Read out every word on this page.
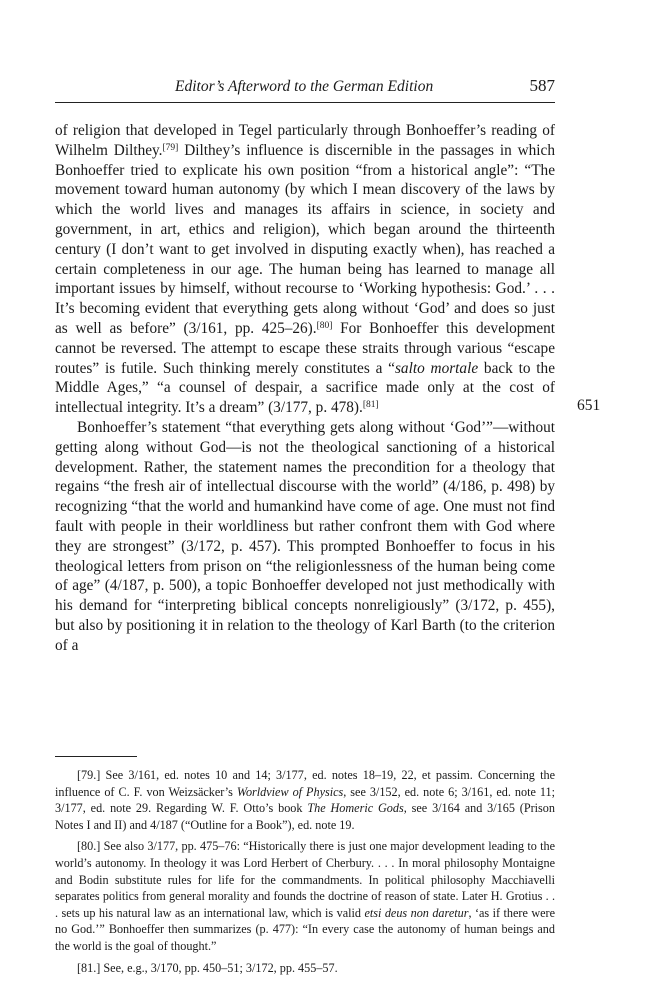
Editor’s Afterword to the German Edition	587

of religion that developed in Tegel particularly through Bonhoeffer’s reading of Wilhelm Dilthey.[79] Dilthey’s influence is discernible in the passages in which Bonhoeffer tried to explicate his own position “from a historical angle”: “The movement toward human autonomy (by which I mean discovery of the laws by which the world lives and manages its affairs in science, in society and government, in art, ethics and religion), which began around the thirteenth century (I don’t want to get involved in disputing exactly when), has reached a certain completeness in our age. The human being has learned to manage all important issues by himself, without recourse to ‘Working hypothesis: God.’ . . . It’s becoming evident that everything gets along without ‘God’ and does so just as well as before” (3/161, pp. 425–26).[80] For Bonhoeffer this development cannot be reversed. The attempt to escape these straits through various “escape routes” is futile. Such thinking merely constitutes a “salto mortale back to the Middle Ages,” “a counsel of despair, a sacrifice made only at the cost of intellectual integrity. It’s a dream” (3/177, p. 478).[81]

Bonhoeffer’s statement “that everything gets along without ‘God’”—without getting along without God—is not the theological sanctioning of a historical development. Rather, the statement names the precondition for a theology that regains “the fresh air of intellectual discourse with the world” (4/186, p. 498) by recognizing “that the world and humankind have come of age. One must not find fault with people in their worldliness but rather confront them with God where they are strongest” (3/172, p. 457). This prompted Bonhoeffer to focus in his theological letters from prison on “the religionlessness of the human being come of age” (4/187, p. 500), a topic Bonhoeffer developed not just methodically with his demand for “interpreting biblical concepts nonreligiously” (3/172, p. 455), but also by positioning it in relation to the theology of Karl Barth (to the criterion of a

651

[79.] See 3/161, ed. notes 10 and 14; 3/177, ed. notes 18–19, 22, et passim. Concerning the influence of C. F. von Weizsäcker’s Worldview of Physics, see 3/152, ed. note 6; 3/161, ed. note 11; 3/177, ed. note 29. Regarding W. F. Otto’s book The Homeric Gods, see 3/164 and 3/165 (Prison Notes I and II) and 4/187 (“Outline for a Book”), ed. note 19.

[80.] See also 3/177, pp. 475–76: “Historically there is just one major development leading to the world’s autonomy. In theology it was Lord Herbert of Cherbury. . . . In moral philosophy Montaigne and Bodin substitute rules for life for the commandments. In political philosophy Macchiavelli separates politics from general morality and founds the doctrine of reason of state. Later H. Grotius . . . sets up his natural law as an international law, which is valid etsi deus non daretur, ‘as if there were no God.’” Bonhoeffer then summarizes (p. 477): “In every case the autonomy of human beings and the world is the goal of thought.”

[81.] See, e.g., 3/170, pp. 450–51; 3/172, pp. 455–57.
